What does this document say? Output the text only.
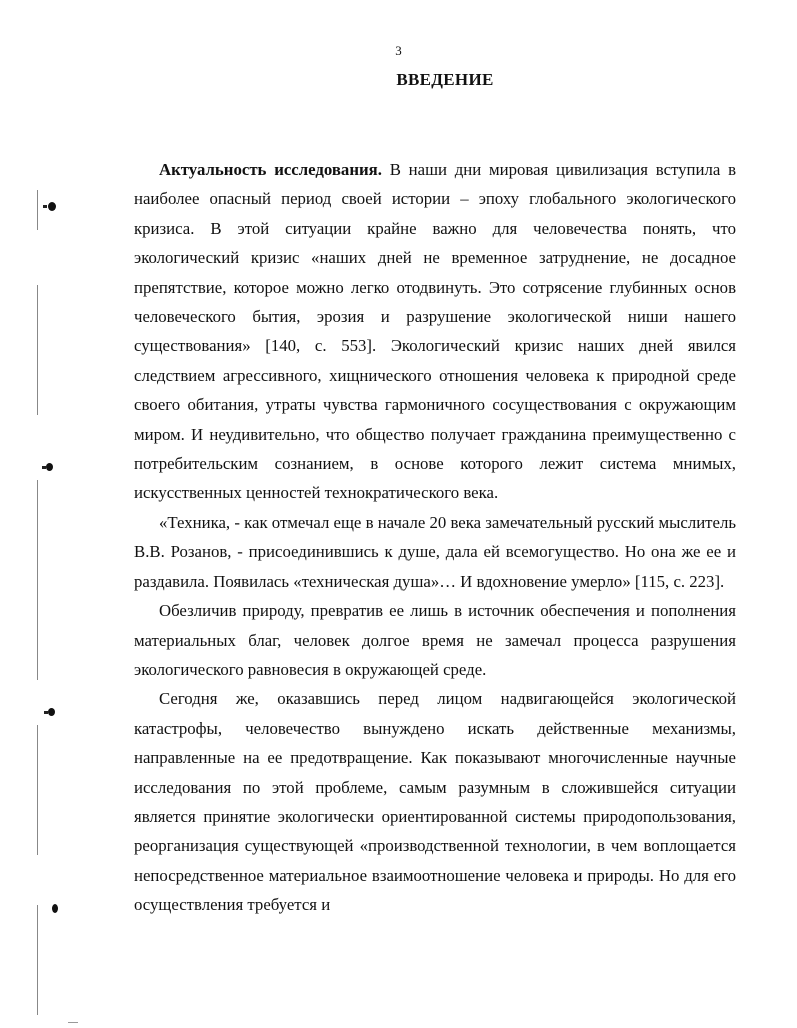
3
ВВЕДЕНИЕ

Актуальность исследования. В наши дни мировая цивилизация вступила в наиболее опасный период своей истории – эпоху глобального экологического кризиса. В этой ситуации крайне важно для человечества понять, что экологический кризис «наших дней не временное затруднение, не досадное препятствие, которое можно легко отодвинуть. Это сотрясение глубинных основ человеческого бытия, эрозия и разрушение экологической ниши нашего существования» [140, с. 553]. Экологический кризис наших дней явился следствием агрессивного, хищнического отношения человека к природной среде своего обитания, утраты чувства гармоничного сосуществования с окружающим миром. И неудивительно, что общество получает гражданина преимущественно с потребительским сознанием, в основе которого лежит система мнимых, искусственных ценностей технократического века.

«Техника, - как отмечал еще в начале 20 века замечательный русский мыслитель В.В. Розанов, - присоединившись к душе, дала ей всемогущество. Но она же ее и раздавила. Появилась «техническая душа»… И вдохновение умерло» [115, с. 223].

Обезличив природу, превратив ее лишь в источник обеспечения и пополнения материальных благ, человек долгое время не замечал процесса разрушения экологического равновесия в окружающей среде.

Сегодня же, оказавшись перед лицом надвигающейся экологической катастрофы, человечество вынуждено искать действенные механизмы, направленные на ее предотвращение. Как показывают многочисленные научные исследования по этой проблеме, самым разумным в сложившейся ситуации является принятие экологически ориентированной системы природопользования, реорганизация существующей «производственной технологии, в чем воплощается непосредственное материальное взаимоотношение человека и природы. Но для его осуществления требуется и
